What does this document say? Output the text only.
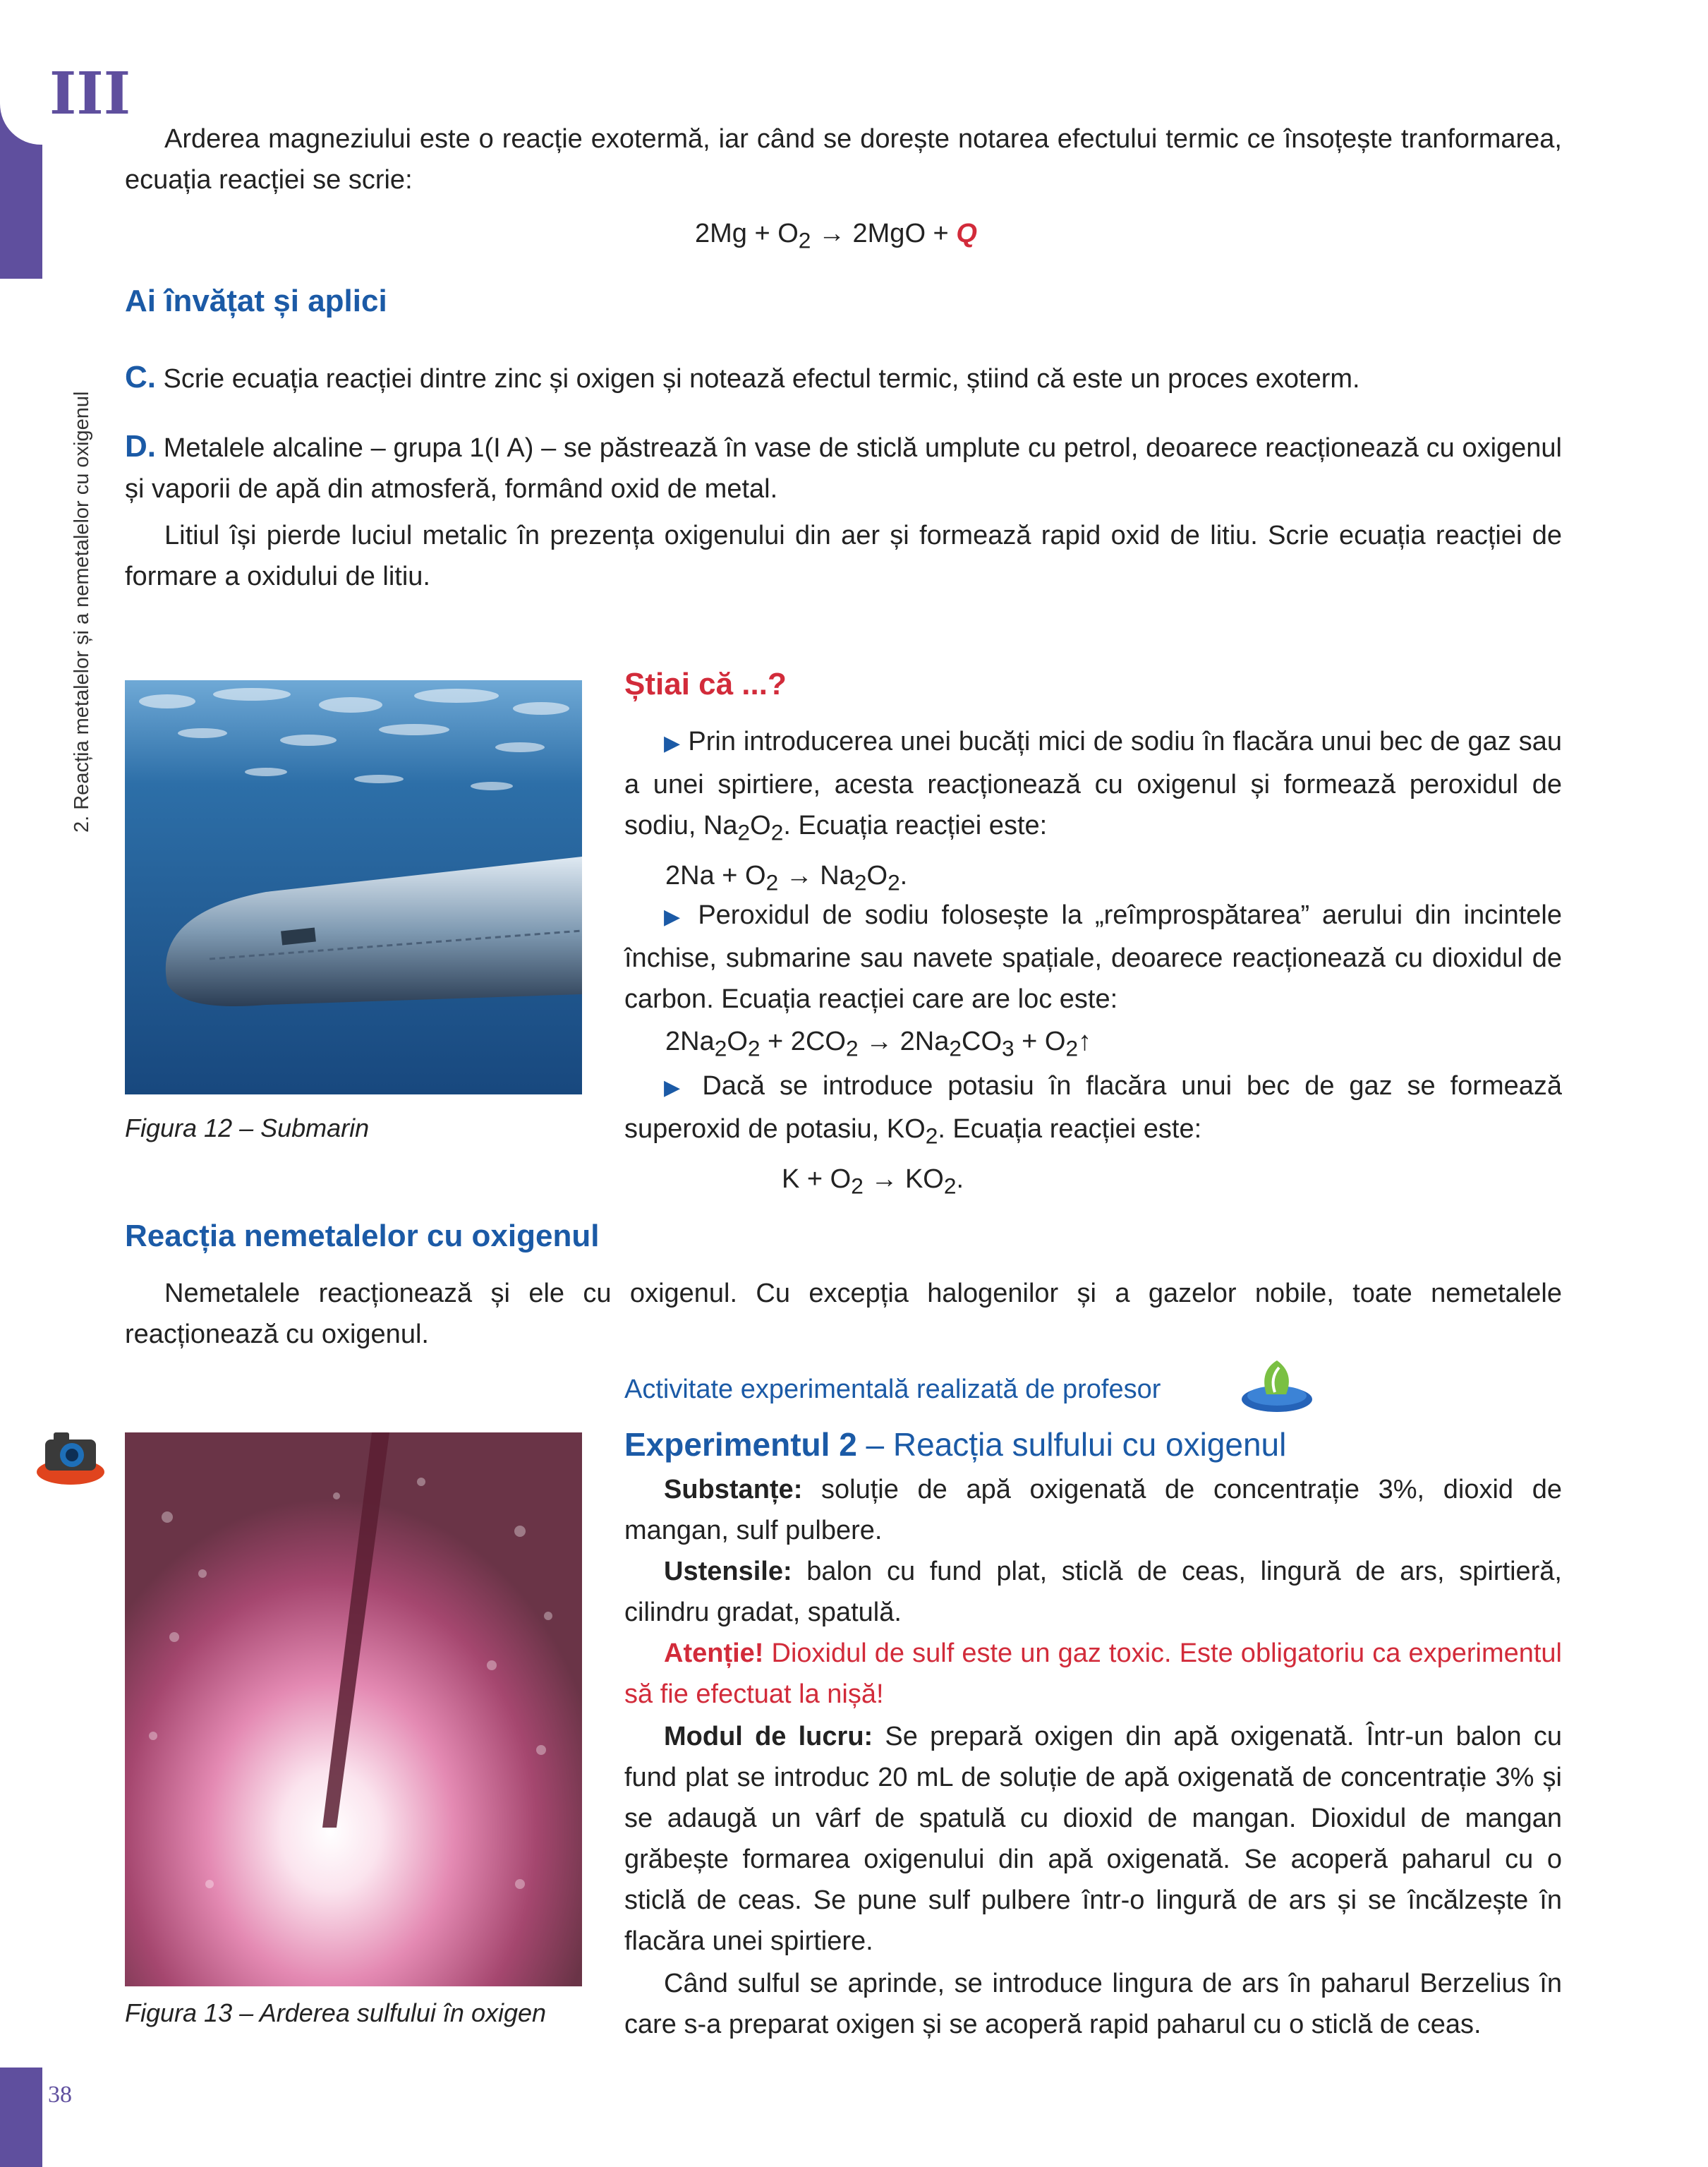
III
Unitatea
2. Reacția metalelor și a nemetalelor cu oxigenul
38
Arderea magneziului este o reacție exotermă, iar când se dorește notarea efectului termic ce însoțește tranformarea, ecuația reacției se scrie:
$2Mg + O_2 \to 2MgO + Q$
Ai învățat și aplici
C. Scrie ecuația reacției dintre zinc și oxigen și notează efectul termic, știind că este un proces exoterm.
D. Metalele alcaline – grupa 1(I A) – se păstrează în vase de sticlă umplute cu petrol, deoarece reacționează cu oxigenul și vaporii de apă din atmosferă, formând oxid de metal.
Litiul își pierde luciul metalic în prezența oxigenului din aer și formează rapid oxid de litiu. Scrie ecuația reacției de formare a oxidului de litiu.
Figura 12 – Submarin
Știai că ...?
▶ Prin introducerea unei bucăți mici de sodiu în flacăra unui bec de gaz sau a unei spirtiere, acesta reacționează cu oxigenul și formează peroxidul de sodiu, $Na_2O_2$. Ecuația reacției este:
$2Na + O_2 \to Na_2O_2$.
▶ Peroxidul de sodiu folosește la „reîmprospătarea” aerului din incintele închise, submarine sau navete spațiale, deoarece reacționează cu dioxidul de carbon. Ecuația reacției care are loc este:
$2Na_2O_2 + 2CO_2 \to 2Na_2CO_3$ + $O_2↑$
▶ Dacă se introduce potasiu în flacăra unui bec de gaz se formează superoxid de potasiu, $KO_2$. Ecuația reacției este:
$K + O_2 \to KO_2$.
Reacția nemetalelor cu oxigenul
Nemetalele reacționează și ele cu oxigenul. Cu excepția halogenilor și a gazelor nobile, toate nemetalele reacționează cu oxigenul.
Activitate experimentală realizată de profesor
Experimentul 2 – Reacția sulfului cu oxigenul
Substanțe: soluție de apă oxigenată de concentrație 3%, dioxid de mangan, sulf pulbere.
Ustensile: balon cu fund plat, sticlă de ceas, lingură de ars, spirtieră, cilindru gradat, spatulă.
Atenție! Dioxidul de sulf este un gaz toxic. Este obligatoriu ca experimentul să fie efectuat la nișă!
Modul de lucru: Se prepară oxigen din apă oxigenată. Într-un balon cu fund plat se introduc 20 mL de soluție de apă oxigenată de concentrație 3% și se adaugă un vârf de spatulă cu dioxid de mangan. Dioxidul de mangan grăbește formarea oxigenului din apă oxigenată. Se acoperă paharul cu o sticlă de ceas. Se pune sulf pulbere într-o lingură de ars și se încălzește în flacăra unei spirtiere.
Când sulful se aprinde, se introduce lingura de ars în paharul Berzelius în care s-a preparat oxigen și se acoperă rapid paharul cu o sticlă de ceas.
Figura 13 – Arderea sulfului în oxigen
